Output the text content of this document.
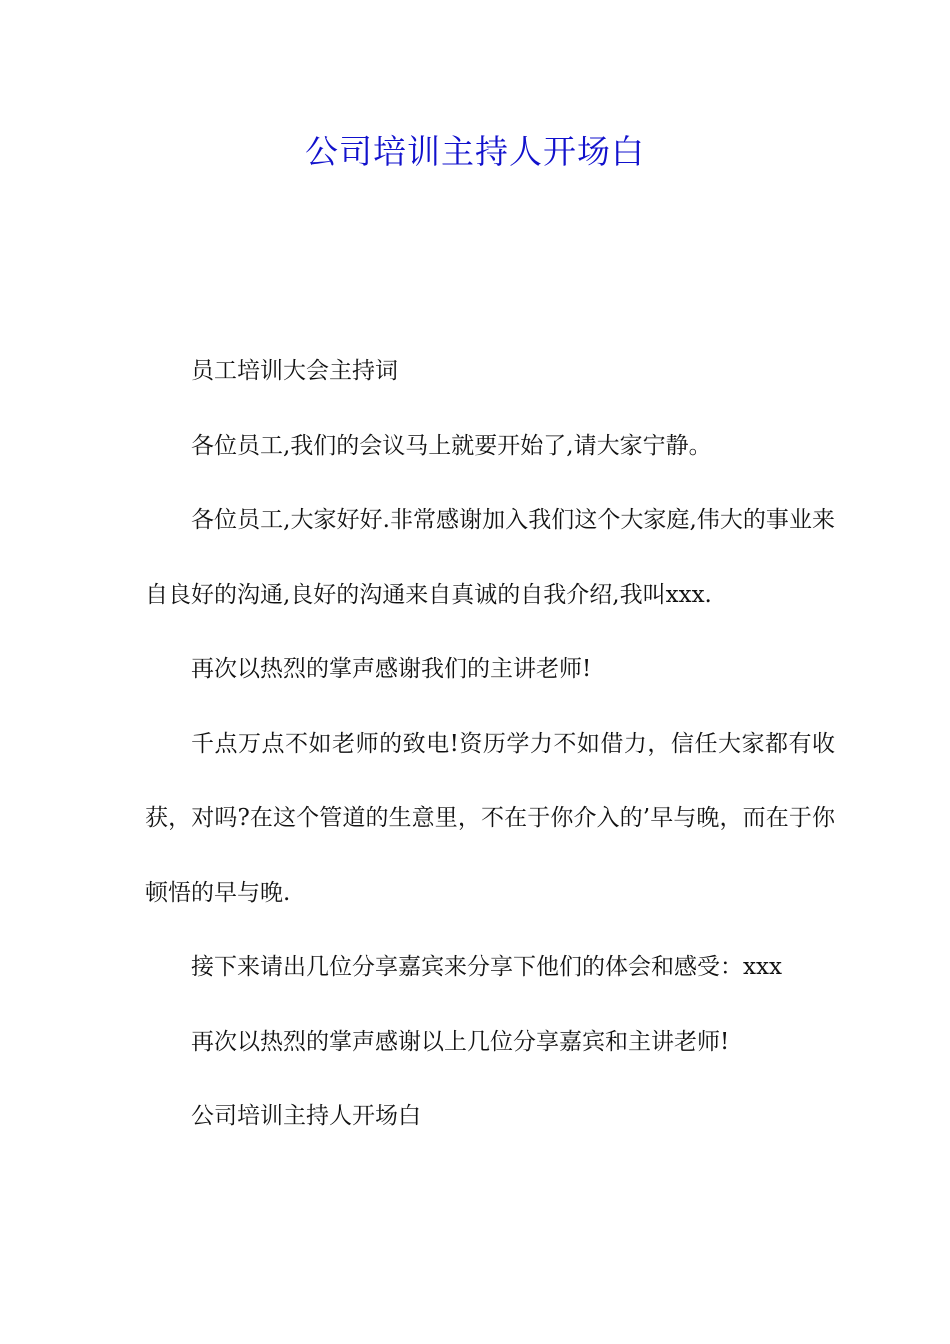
公司培训主持人开场白

员工培训大会主持词

各位员工,我们的会议马上就要开始了,请大家宁静。

各位员工,大家好好.非常感谢加入我们这个大家庭,伟大的事业来自良好的沟通,良好的沟通来自真诚的自我介绍,我叫xxx.

再次以热烈的掌声感谢我们的主讲老师!

千点万点不如老师的致电!资历学力不如借力，信任大家都有收获，对吗?在这个管道的生意里，不在于你介入的’早与晚，而在于你顿悟的早与晚.

接下来请出几位分享嘉宾来分享下他们的体会和感受：xxx

再次以热烈的掌声感谢以上几位分享嘉宾和主讲老师!

公司培训主持人开场白
